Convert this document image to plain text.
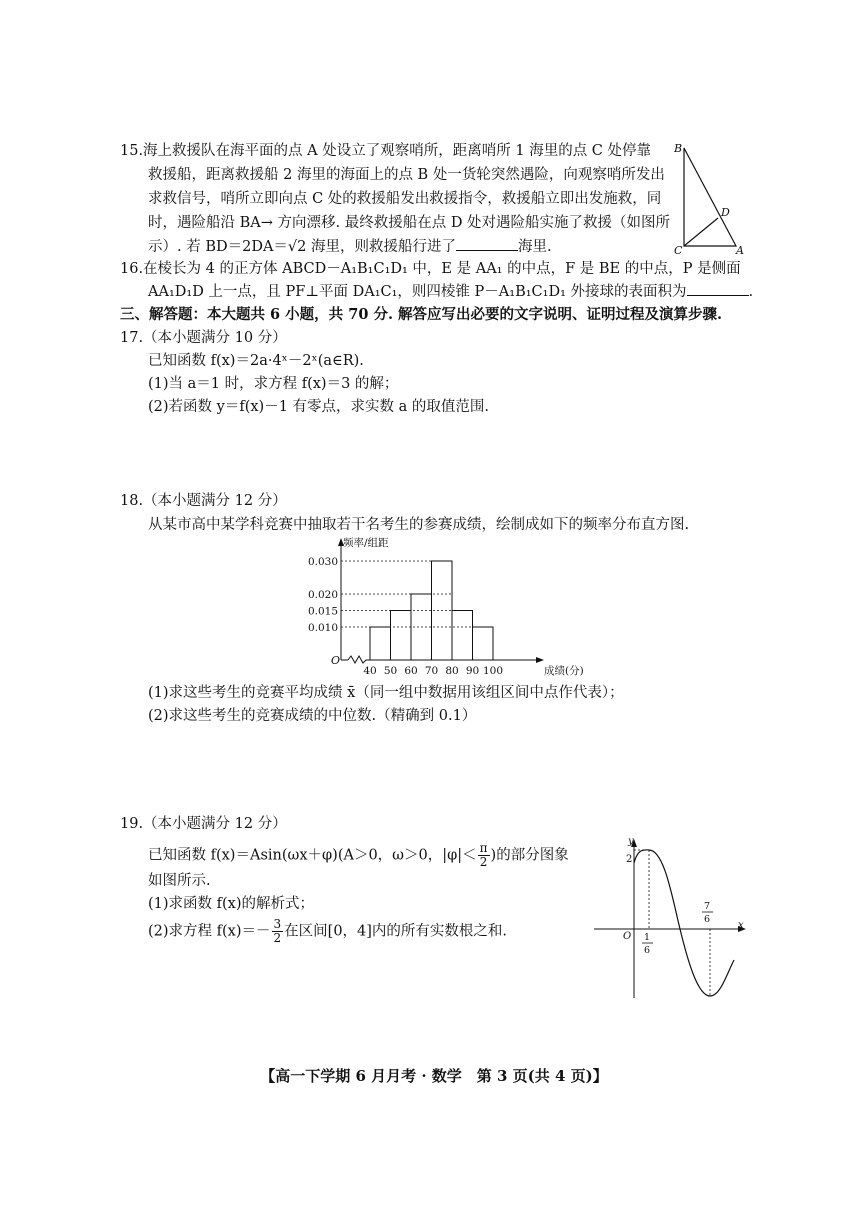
15.海上救援队在海平面的点 A 处设立了观察哨所，距离哨所 1 海里的点 C 处停靠
救援船，距离救援船 2 海里的海面上的点 B 处一货轮突然遇险，向观察哨所发出
求救信号，哨所立即向点 C 处的救援船发出救援指令，救援船立即出发施救，同
时，遇险船沿 BA→ 方向漂移. 最终救援船在点 D 处对遇险船实施了救援（如图所
示）. 若 BD＝2DA＝√2 海里，则救援船行进了	海里.
B
D
C	A
16.在棱长为 4 的正方体 ABCD－A₁B₁C₁D₁ 中，E 是 AA₁ 的中点，F 是 BE 的中点，P 是侧面
AA₁D₁D 上一点，且 PF⊥平面 DA₁C₁，则四棱锥 P－A₁B₁C₁D₁ 外接球的表面积为	.
三、解答题：本大题共 6 小题，共 70 分. 解答应写出必要的文字说明、证明过程及演算步骤.
17.（本小题满分 10 分）
已知函数 f(x)＝2a·4ˣ－2ˣ(a∈R).
(1)当 a＝1 时，求方程 f(x)＝3 的解；
(2)若函数 y＝f(x)－1 有零点，求实数 a 的取值范围.
18.（本小题满分 12 分）
从某市高中某学科竞赛中抽取若干名考生的参赛成绩，绘制成如下的频率分布直方图.
40 50 60 70 80 90 100
0.030
0.020
0.015
0.010
频率/组距
成绩(分)
O
(1)求这些考生的竞赛平均成绩 x̄（同一组中数据用该组区间中点作代表）；
(2)求这些考生的竞赛成绩的中位数.（精确到 0.1）
19.（本小题满分 12 分）
已知函数 f(x)＝Asin(ωx＋φ)(A＞0，ω＞0，$|\varphi|< \frac{\pi}{2}$ )的部分图象
如图所示.
(1)求函数 f(x)的解析式；
(2)求方程 $f(x)=- \frac{3}{2}$ 在区间[0，4]内的所有实数根之和.
y
x
O
2
1
6
7
6
【高一下学期 6 月月考 · 数学　第 3 页(共 4 页)】
